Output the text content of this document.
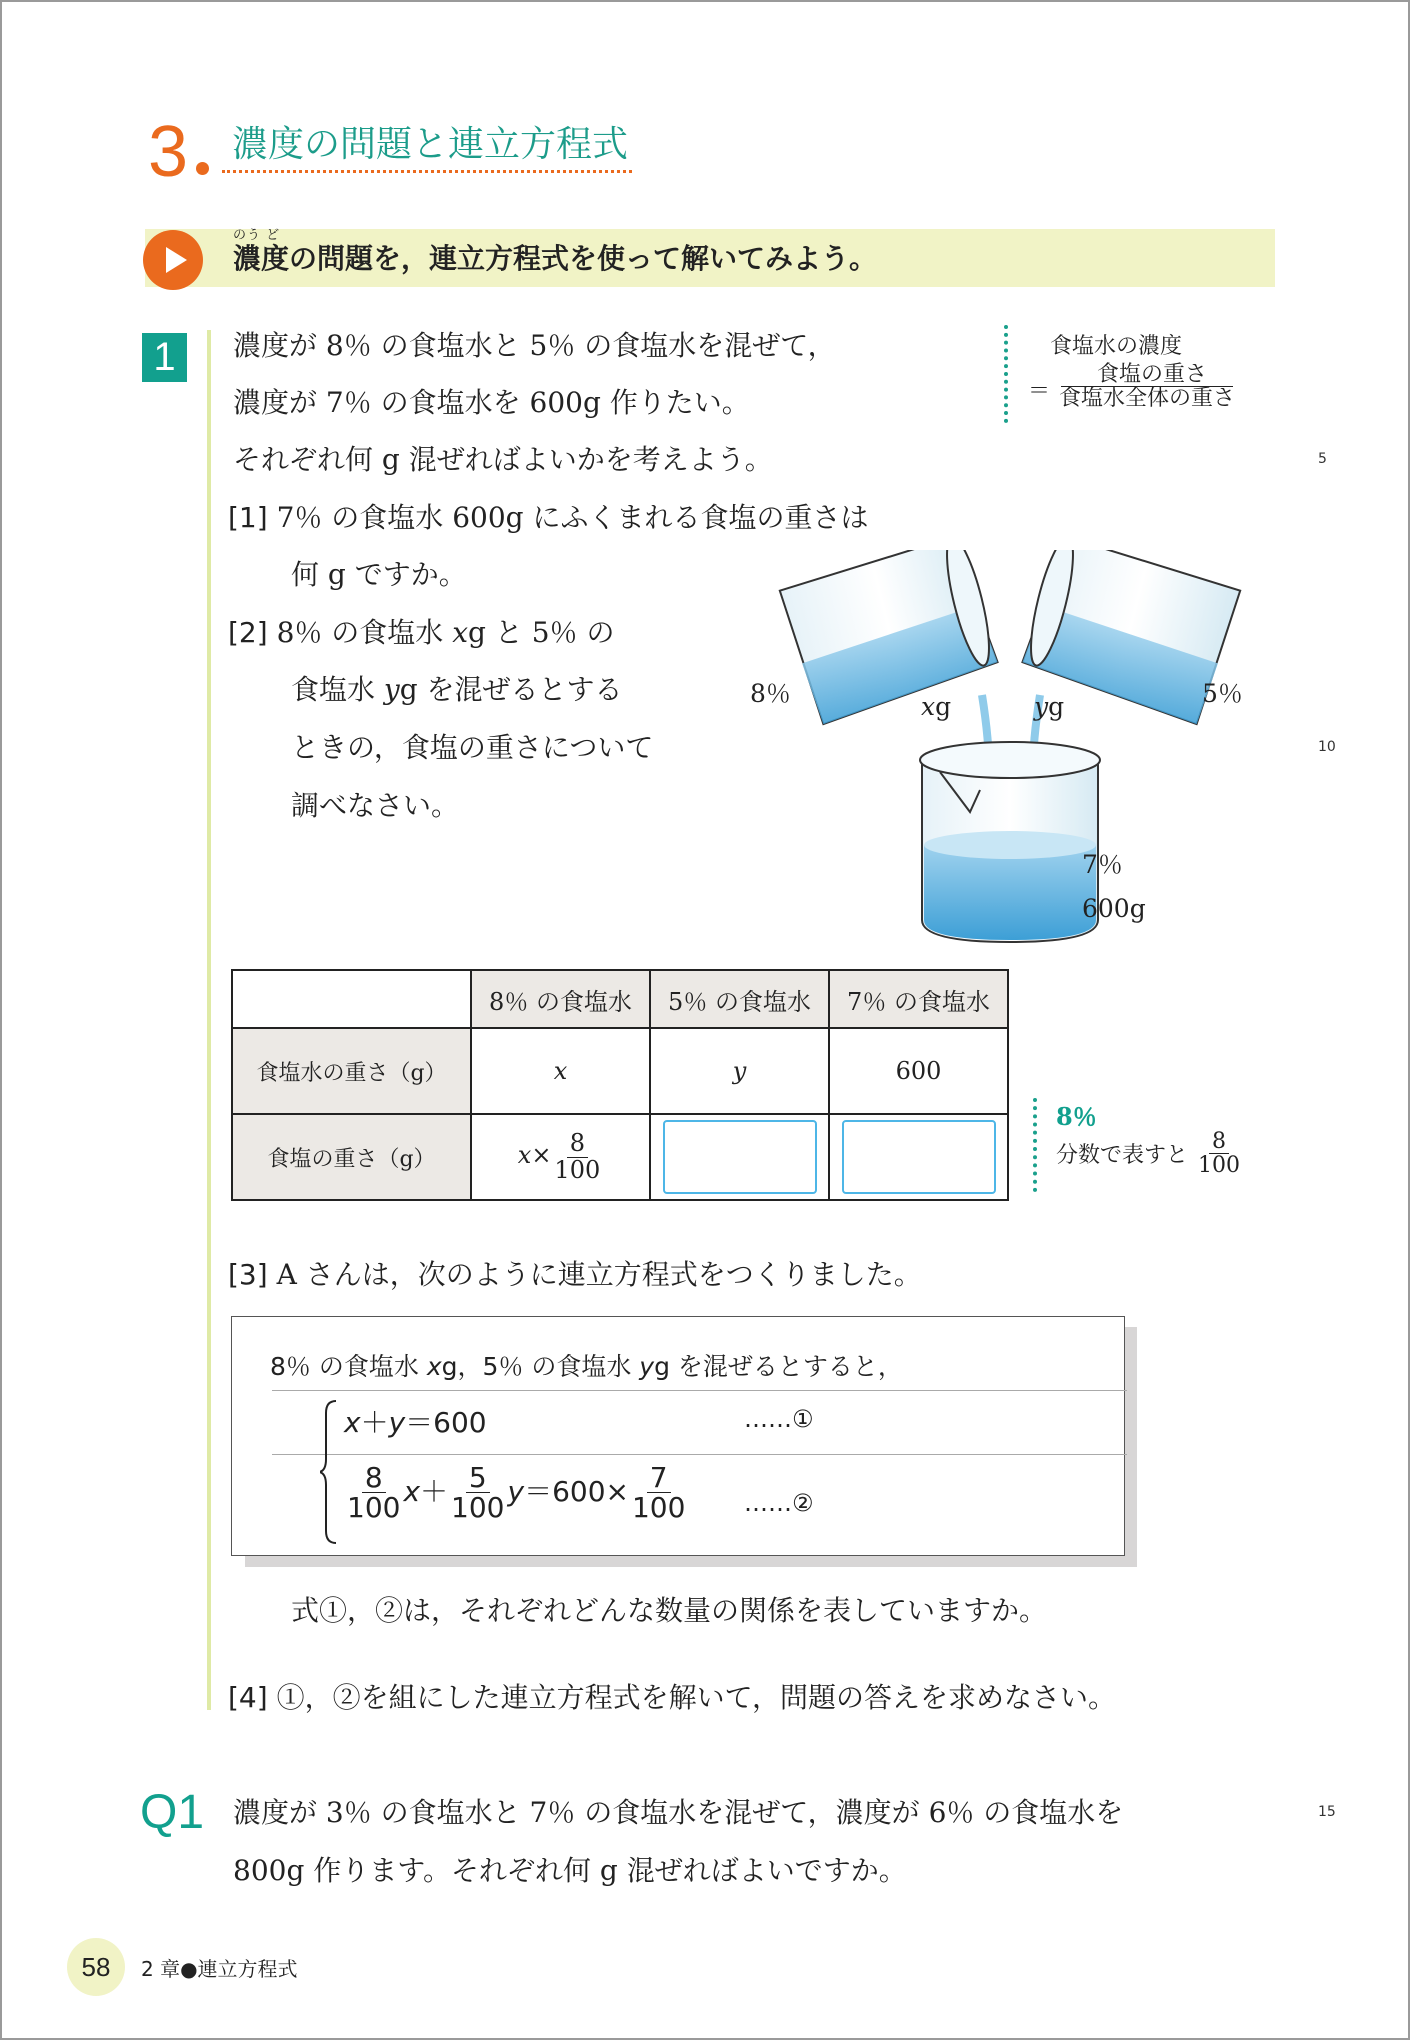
3 濃度の問題と連立方程式
のう ど
濃度の問題を，連立方程式を使って解いてみよう。
1	濃度が 8％ の食塩水と 5％ の食塩水を混ぜて，
濃度が 7％ の食塩水を 600g 作りたい。
それぞれ何 g 混ぜればよいかを考えよう。
食塩水の濃度
＝ $\frac{\text{食塩の重さ}}{\text{食塩水全体の重さ}}$
5
10
15
[1] 7％ の食塩水 600g にふくまれる食塩の重さは
何 g ですか。
[2] 8％ の食塩水 xg と 5％ の
食塩水 yg を混ぜるとする
ときの，食塩の重さについて
調べなさい。
8％	5％
xg	yg
7％
600g
	8％ の食塩水	5％ の食塩水	7％ の食塩水
食塩水の重さ（g）	x	y	600
食塩の重さ（g）	$x\times \frac{8}{100}$

8％
分数で表すと $\frac{8}{100}$
[3] A さんは，次のように連立方程式をつくりました。
8％ の食塩水 xg，5％ の食塩水 yg を混ぜるとすると，
x＋y＝600	……①
$\frac{8}{100} x+ \frac{5}{100} y=600\times \frac{7}{100}$ ……②
式①，②は，それぞれどんな数量の関係を表していますか。
[4] ①，②を組にした連立方程式を解いて，問題の答えを求めなさい。
Q1 濃度が 3％ の食塩水と 7％ の食塩水を混ぜて，濃度が 6％ の食塩水を
800g 作ります。それぞれ何 g 混ぜればよいですか。
58	2 章●連立方程式
